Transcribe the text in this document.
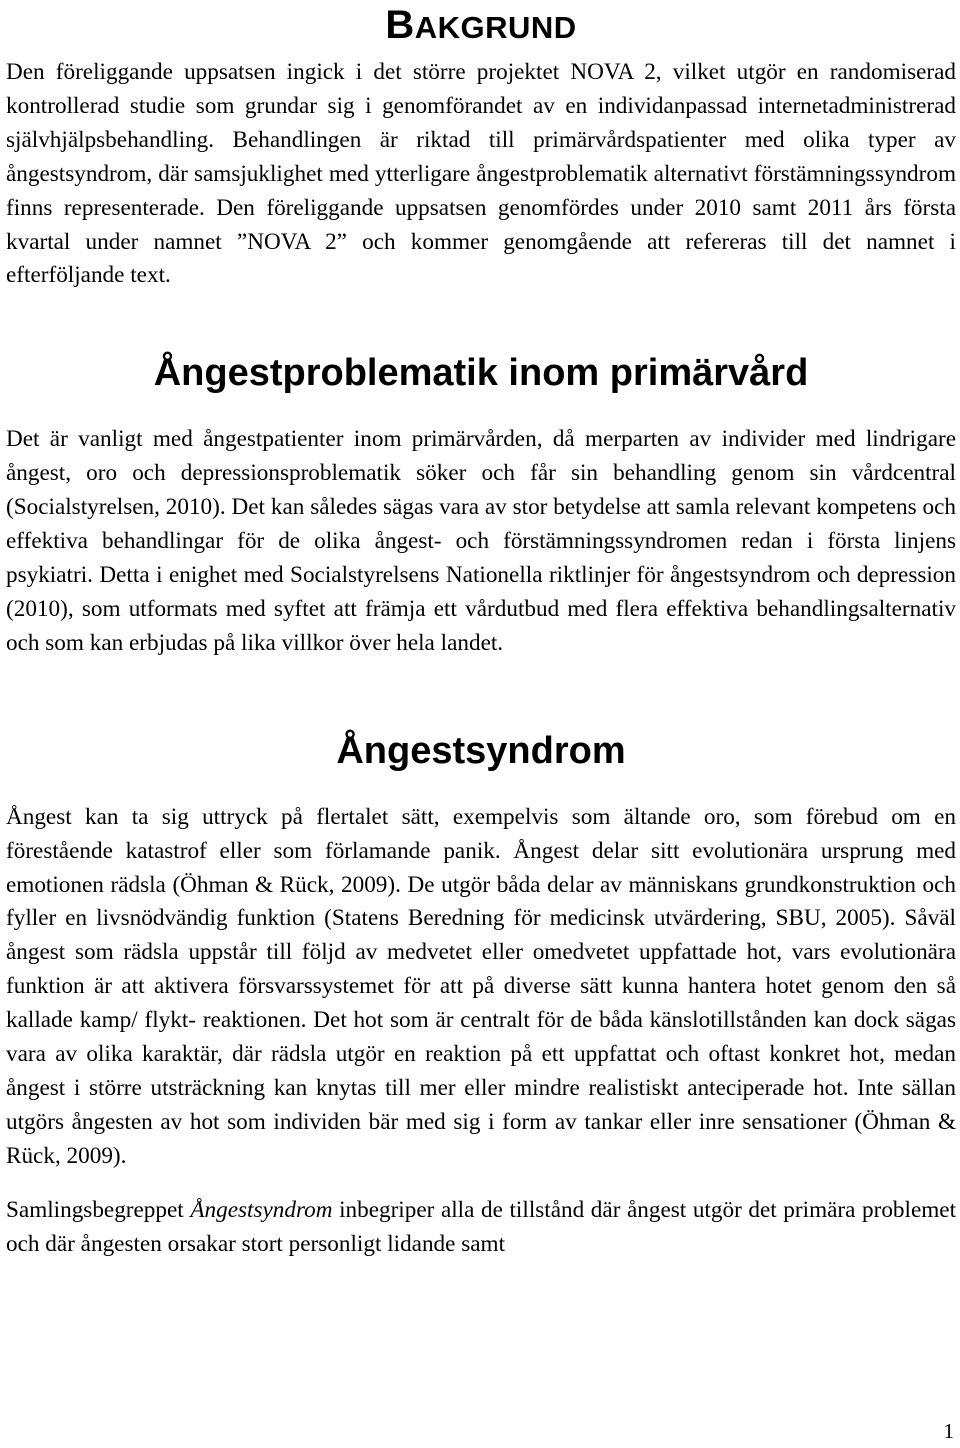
BAKGRUND

Den föreliggande uppsatsen ingick i det större projektet NOVA 2, vilket utgör en randomiserad kontrollerad studie som grundar sig i genomförandet av en individanpassad internetadministrerad självhjälpsbehandling. Behandlingen är riktad till primärvårdspatienter med olika typer av ångestsyndrom, där samsjuklighet med ytterligare ångestproblematik alternativt förstämningssyndrom finns representerade. Den föreliggande uppsatsen genomfördes under 2010 samt 2011 års första kvartal under namnet ”NOVA 2” och kommer genomgående att refereras till det namnet i efterföljande text.

Ångestproblematik inom primärvård

Det är vanligt med ångestpatienter inom primärvården, då merparten av individer med lindrigare ångest, oro och depressionsproblematik söker och får sin behandling genom sin vårdcentral (Socialstyrelsen, 2010). Det kan således sägas vara av stor betydelse att samla relevant kompetens och effektiva behandlingar för de olika ångest- och förstämningssyndromen redan i första linjens psykiatri. Detta i enighet med Socialstyrelsens Nationella riktlinjer för ångestsyndrom och depression (2010), som utformats med syftet att främja ett vårdutbud med flera effektiva behandlingsalternativ och som kan erbjudas på lika villkor över hela landet.

Ångestsyndrom

Ångest kan ta sig uttryck på flertalet sätt, exempelvis som ältande oro, som förebud om en förestående katastrof eller som förlamande panik. Ångest delar sitt evolutionära ursprung med emotionen rädsla (Öhman & Rück, 2009). De utgör båda delar av människans grundkonstruktion och fyller en livsnödvändig funktion (Statens Beredning för medicinsk utvärdering, SBU, 2005). Såväl ångest som rädsla uppstår till följd av medvetet eller omedvetet uppfattade hot, vars evolutionära funktion är att aktivera försvarssystemet för att på diverse sätt kunna hantera hotet genom den så kallade kamp/ flykt- reaktionen. Det hot som är centralt för de båda känslotillstånden kan dock sägas vara av olika karaktär, där rädsla utgör en reaktion på ett uppfattat och oftast konkret hot, medan ångest i större utsträckning kan knytas till mer eller mindre realistiskt anteciperade hot. Inte sällan utgörs ångesten av hot som individen bär med sig i form av tankar eller inre sensationer (Öhman & Rück, 2009).

Samlingsbegreppet Ångestsyndrom inbegriper alla de tillstånd där ångest utgör det primära problemet och där ångesten orsakar stort personligt lidande samt

1
